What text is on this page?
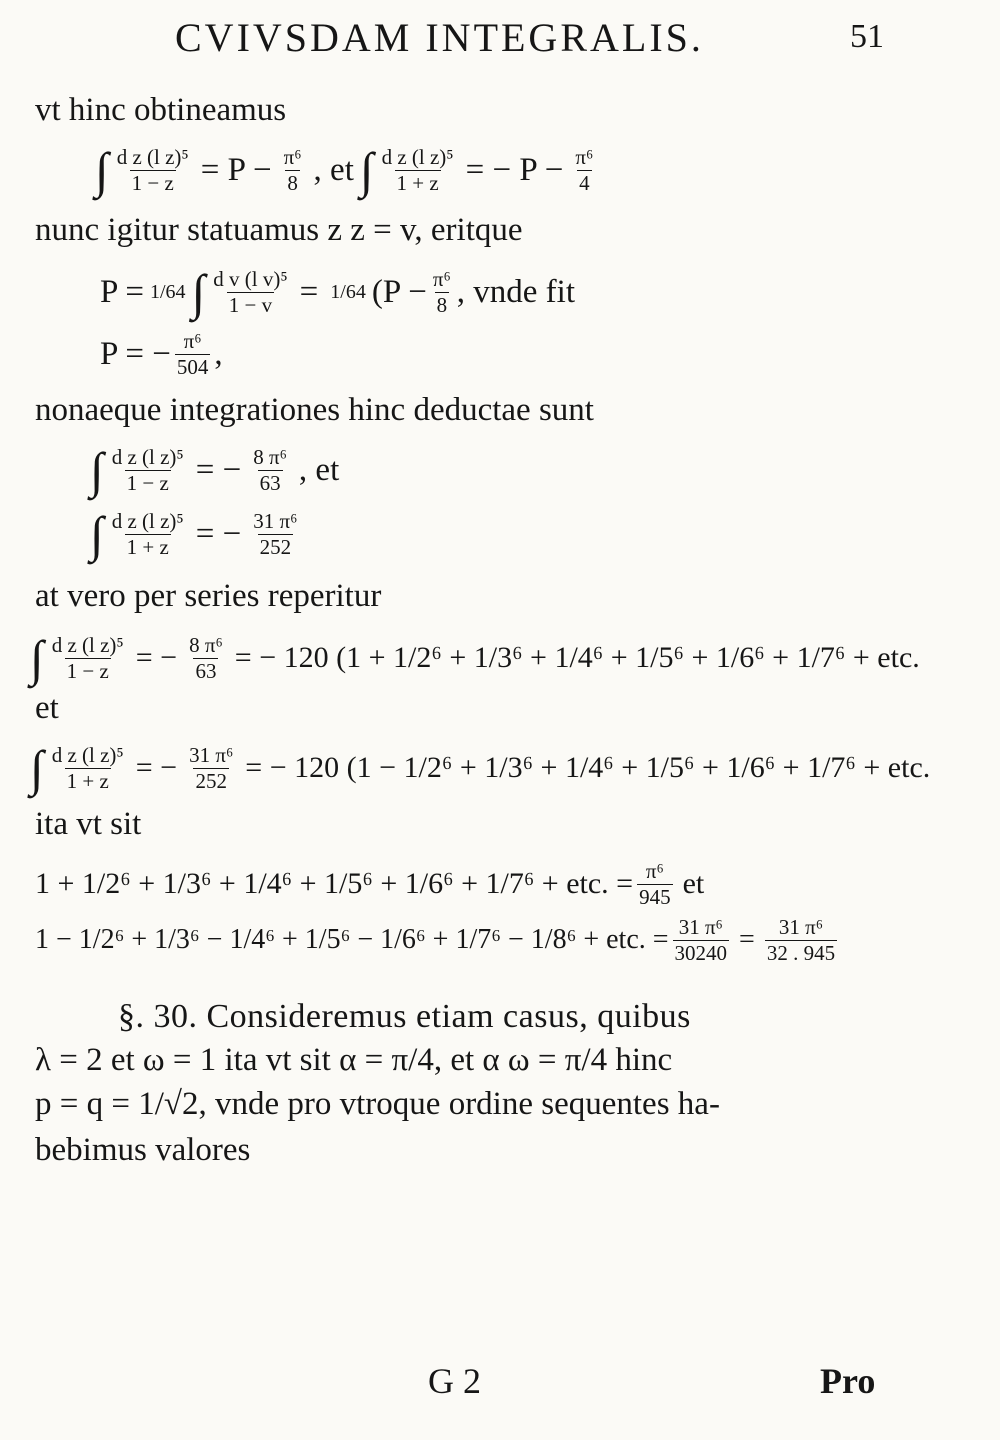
CVIVSDAM INTEGRALIS.	51
vt hinc obtineamus
∫ $\frac{\text{d z (l z)⁵}}{1 - z} = P - \frac{\text{π⁶}}{8}$ , et ∫ $\frac{\text{d z (l z)⁵}}{1 + z}$ = − $P - \frac{\text{π⁶}}{4}$
nunc igitur statuamus z z = v, eritque
P = 1/64 ∫ $\frac{\text{d v (l v)⁵}}{1 - v} = 1/64$ ($P - \frac{\text{π⁶}}{8}$ , vnde fit
P = − $\frac{\text{π⁶}}{504}$ ,
nonaeque integrationes hinc deductae sunt
∫ $\frac{\text{d z (l z)⁵}}{1 - z}$ = − $\frac{\text{8 π⁶}}{63}$ , et
∫ $\frac{\text{d z (l z)⁵}}{1 + z}$ = − $\frac{\text{31 π⁶}}{252}$
at vero per series reperitur
∫ $\frac{\text{d z (l z)⁵}}{1 - z}$ = − $\frac{\text{8 π⁶}}{63}$ = − 120 (1 + 1/2⁶ + 1/3⁶ + 1/4⁶ + 1/5⁶ + 1/6⁶ + 1/7⁶ + etc.
et
∫ $\frac{\text{d z (l z)⁵}}{1 + z}$ = − $\frac{\text{31 π⁶}}{252}$ = − 120 (1 − 1/2⁶ + 1/3⁶ + 1/4⁶ + 1/5⁶ + 1/6⁶ + 1/7⁶ + etc.
ita vt sit
1 + 1/2⁶ + 1/3⁶ + 1/4⁶ + 1/5⁶ + 1/6⁶ + 1/7⁶ + etc. = $\frac{\text{π⁶}}{945}$ et
1 − 1/2⁶ + 1/3⁶ − 1/4⁶ + 1/5⁶ − 1/6⁶ + 1/7⁶ − 1/8⁶ + etc. = $\frac{\text{31 π⁶}}{30240} = \frac{\text{31 π⁶}}{32 . 945}$
§. 30. Consideremus etiam casus, quibus
λ = 2 et ω = 1 ita vt sit α = π/4, et α ω = π/4 hinc
p = q = 1/√2, vnde pro vtroque ordine sequentes ha-
bebimus valores
G 2	Pro
